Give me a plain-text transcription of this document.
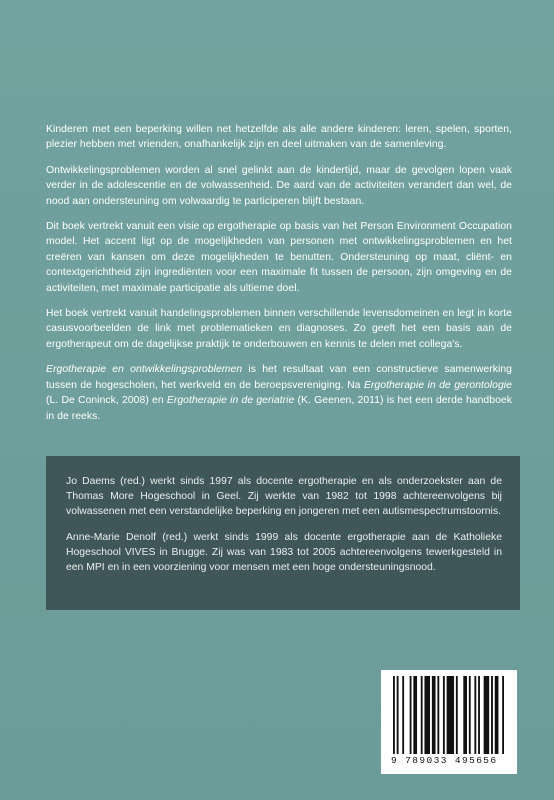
Kinderen met een beperking willen net hetzelfde als alle andere kinderen: leren, spelen, sporten, plezier hebben met vrienden, onafhankelijk zijn en deel uitmaken van de samenleving.

Ontwikkelingsproblemen worden al snel gelinkt aan de kindertijd, maar de gevolgen lopen vaak verder in de adolescentie en de volwassenheid. De aard van de activiteiten verandert dan wel, de nood aan ondersteuning om volwaardig te participeren blijft bestaan.

Dit boek vertrekt vanuit een visie op ergotherapie op basis van het Person Environment Occupation model. Het accent ligt op de mogelijkheden van personen met ontwikkelingsproblemen en het creëren van kansen om deze mogelijkheden te benutten. Ondersteuning op maat, cliënt- en contextgerichtheid zijn ingrediënten voor een maximale fit tussen de persoon, zijn omgeving en de activiteiten, met maximale participatie als ultieme doel.

Het boek vertrekt vanuit handelingsproblemen binnen verschillende levensdomeinen en legt in korte casusvoorbeelden de link met problematieken en diagnoses. Zo geeft het een basis aan de ergotherapeut om de dagelijkse praktijk te onderbouwen en kennis te delen met collega's.

Ergotherapie en ontwikkelingsproblemen is het resultaat van een constructieve samenwerking tussen de hogescholen, het werkveld en de beroepsvereniging. Na Ergotherapie in de gerontologie (L. De Coninck, 2008) en Ergotherapie in de geriatrie (K. Geenen, 2011) is het een derde handboek in de reeks.

Jo Daems (red.) werkt sinds 1997 als docente ergotherapie en als onderzoekster aan de Thomas More Hogeschool in Geel. Zij werkte van 1982 tot 1998 achtereenvolgens bij volwassenen met een verstandelijke beperking en jongeren met een autismespectrumstoornis.

Anne-Marie Denolf (red.) werkt sinds 1999 als docente ergotherapie aan de Katholieke Hogeschool VIVES in Brugge. Zij was van 1983 tot 2005 achtereenvolgens tewerkgesteld in een MPI en in een voorziening voor mensen met een hoge ondersteuningsnood.

9 789033 495656
